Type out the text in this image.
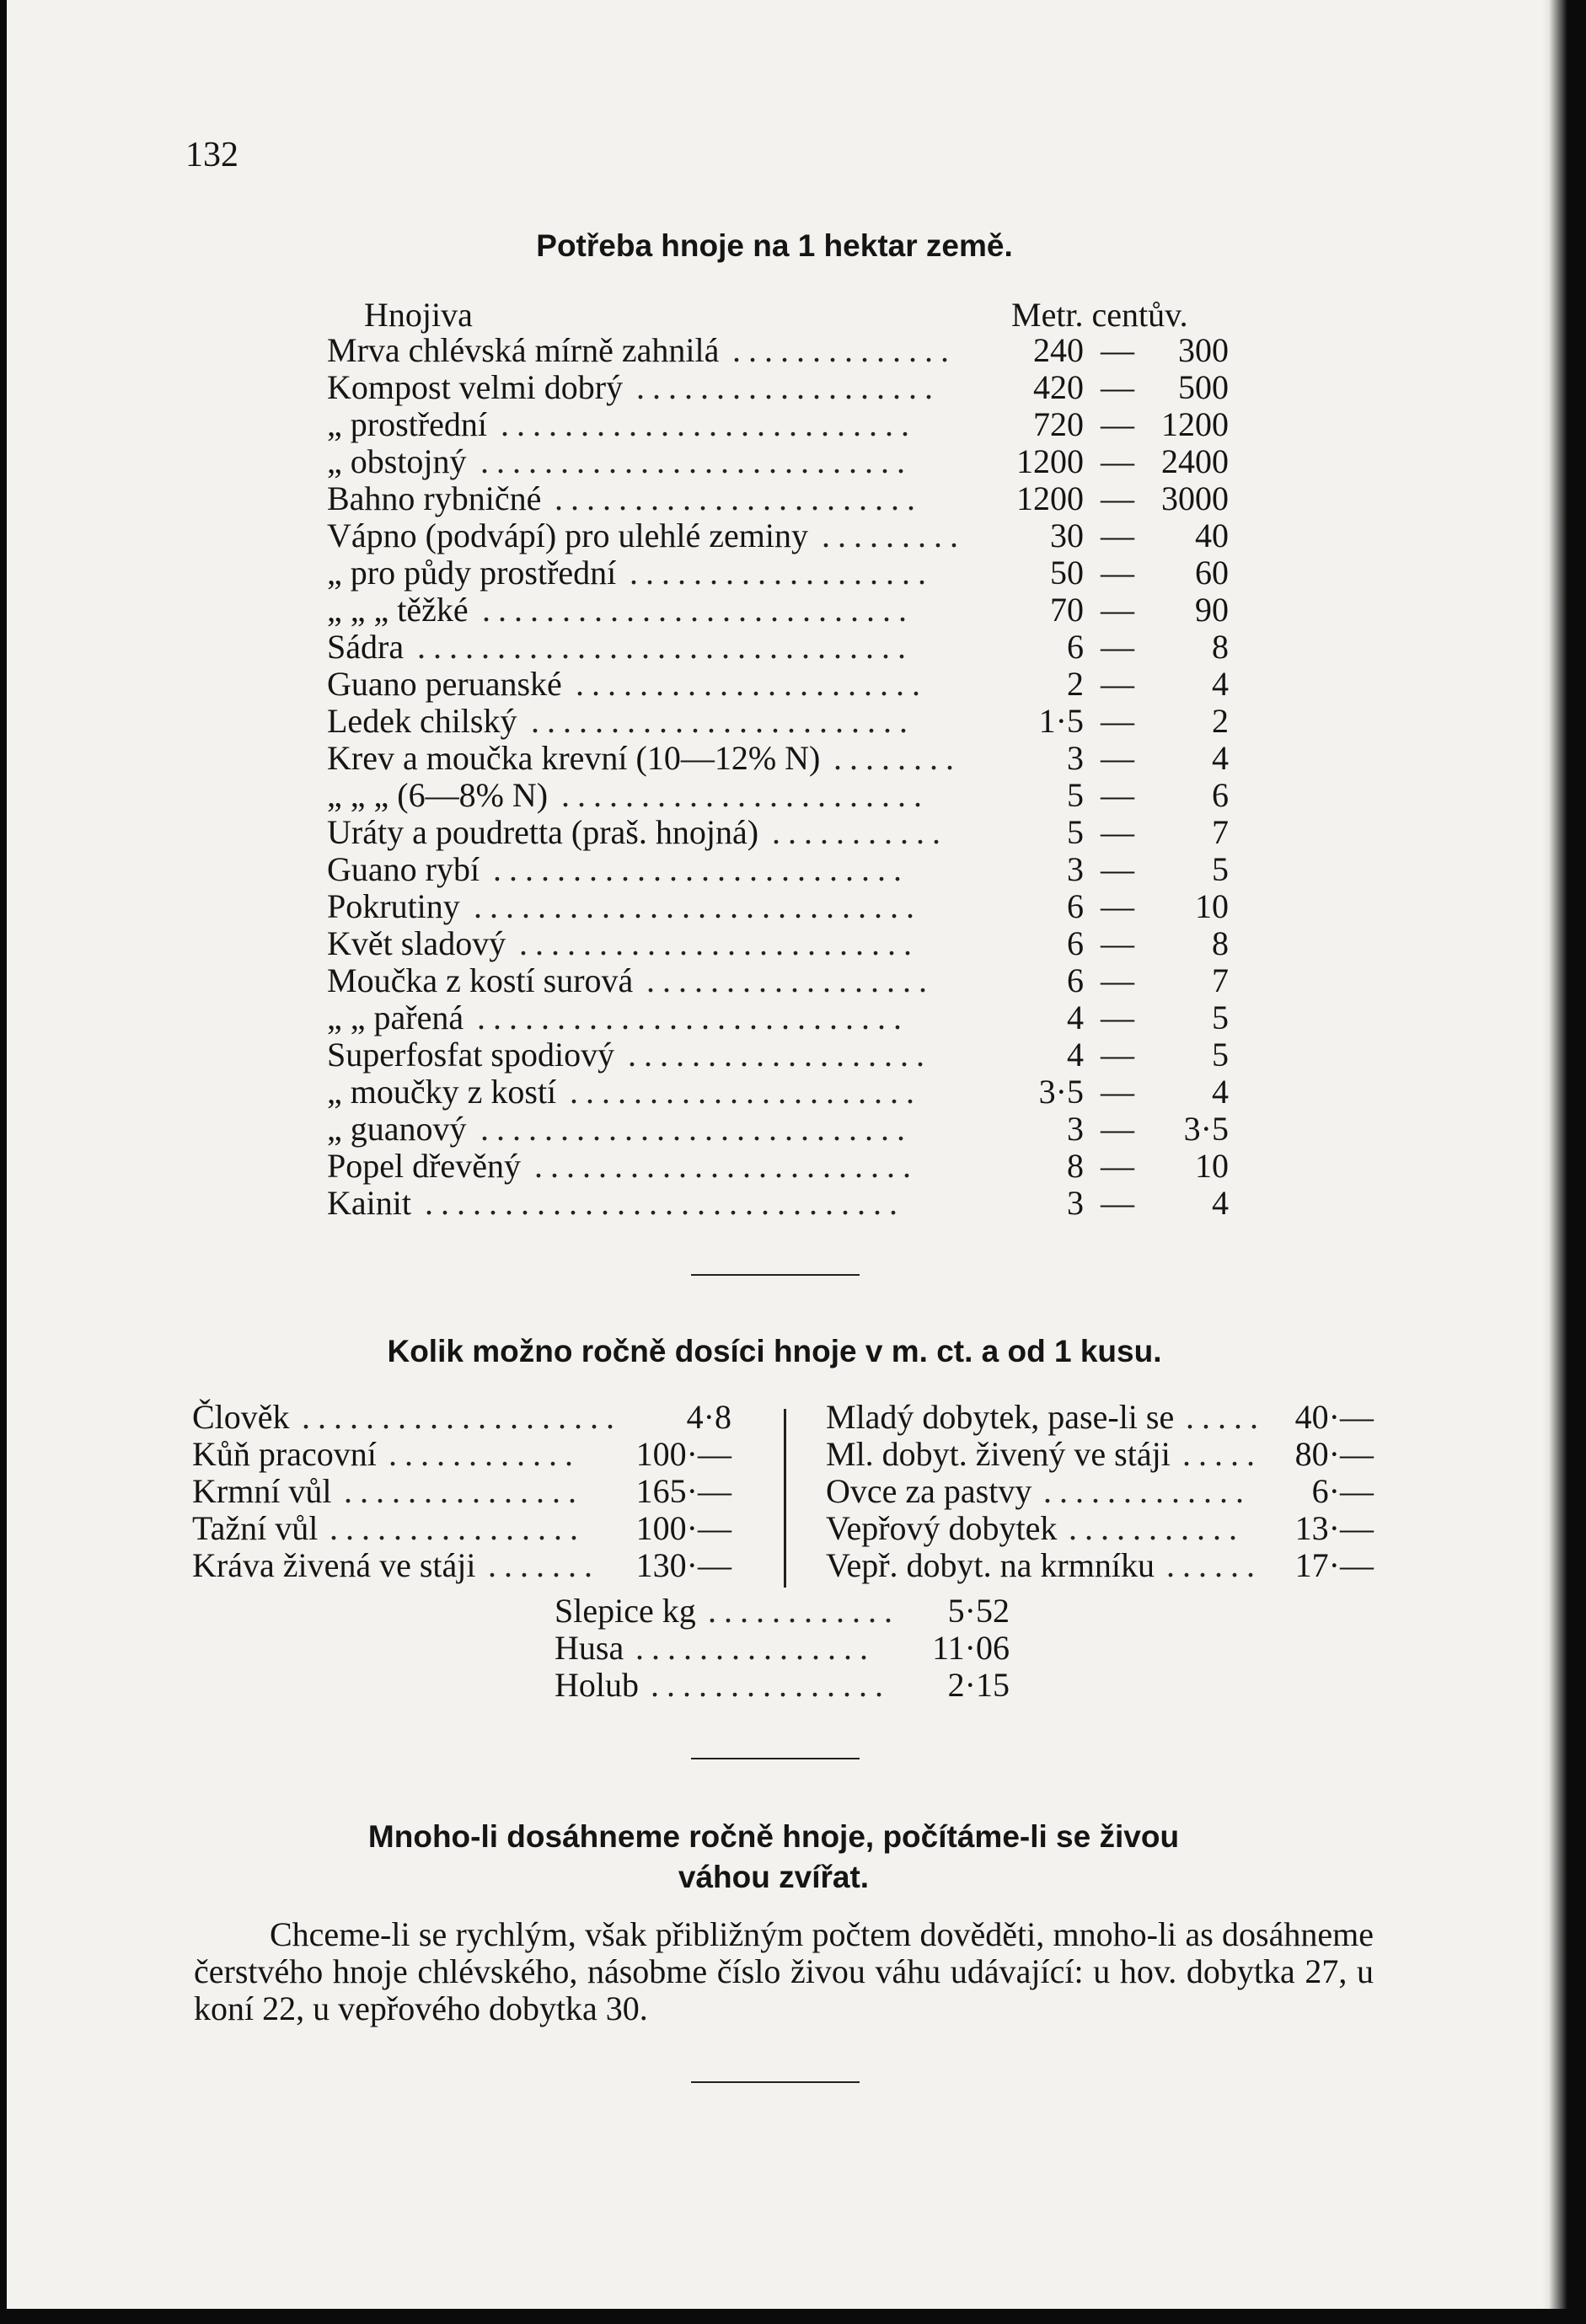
132
Potřeba hnoje na 1 hektar země.
Hnojiva	Metr. centův.
Mrva chlévská mírně zahnilá ..............	240 —	300
Kompost velmi dobrý ...................	420 —	500
„ prostřední ..........................	720 — 1200
„ obstojný ...........................	1200 — 2400
Bahno rybničné .......................	1200 — 3000
Vápno (podvápí) pro ulehlé zeminy .........	30 —	40
„ pro půdy prostřední ...................	50 —	60
„ „ „ těžké ...........................	70 —	90
Sádra ...............................	6 —	8
Guano peruanské ......................	2 —	4
Ledek chilský ........................	1·5 —	2
Krev a moučka krevní (10—12% N) ........	3 —	4
„ „ „ (6—8% N) .......................	5 —	6
Uráty a poudretta (praš. hnojná) ...........	5 —	7
Guano rybí ..........................	3 —	5
Pokrutiny ............................	6 —	10
Květ sladový .........................	6 —	8
Moučka z kostí surová ..................	6 —	7
„ „ pařená ...........................	4 —	5
Superfosfat spodiový ...................	4 —	5
„ moučky z kostí ......................	3·5 —	4
„ guanový ...........................	3 —	3·5
Popel dřevěný ........................	8 —	10
Kainit ..............................	3 —	4
Kolik možno ročně dosíci hnoje v m. ct. a od 1 kusu.
Člověk .................... 4·8
Kůň pracovní ............ 100·—
Krmní vůl ............... 165·—
Tažní vůl ................ 100·—
Kráva živená ve stáji ....... 130·—
Mladý dobytek, pase-li se ..... 40·—
Ml. dobyt. živený ve stáji ..... 80·—
Ovce za pastvy ............. 6·—
Vepřový dobytek ........... 13·—
Vepř. dobyt. na krmníku ...... 17·—
Slepice kg ............ 5·52
Husa ............... 11·06
Holub ............... 2·15
Mnoho-li dosáhneme ročně hnoje, počítáme-li se živou
váhou zvířat.
Chceme-li se rychlým, však přibližným počtem dověděti, mnoho-li as dosáhneme čerstvého hnoje chlévského, násobme číslo živou váhu udávající: u hov. dobytka 27, u koní 22, u vepřového dobytka 30.
